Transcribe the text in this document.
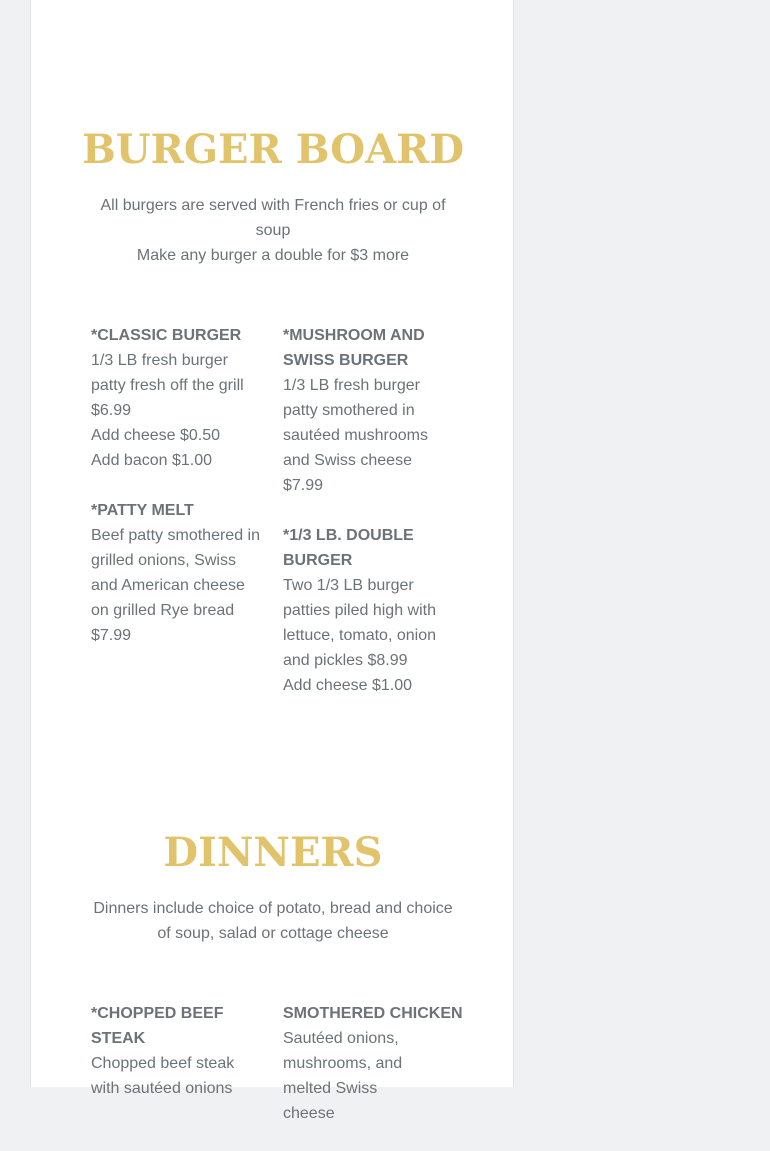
BURGER BOARD

All burgers are served with French fries or cup of soup
Make any burger a double for $3 more

*CLASSIC BURGER
1/3 LB fresh burger patty fresh off the grill $6.99
Add cheese $0.50
Add bacon $1.00
*PATTY MELT
Beef patty smothered in grilled onions, Swiss and American cheese on grilled Rye bread $7.99
*MUSHROOM AND SWISS BURGER
1/3 LB fresh burger patty smothered in sautéed mushrooms and Swiss cheese $7.99
*1/3 LB. DOUBLE BURGER
Two 1/3 LB burger patties piled high with lettuce, tomato, onion and pickles $8.99
Add cheese $1.00
DINNERS

Dinners include choice of potato, bread and choice of soup, salad or cottage cheese

*CHOPPED BEEF STEAK
Chopped beef steak with sautéed onions
SMOTHERED CHICKEN
Sautéed onions, mushrooms, and melted Swiss cheese
